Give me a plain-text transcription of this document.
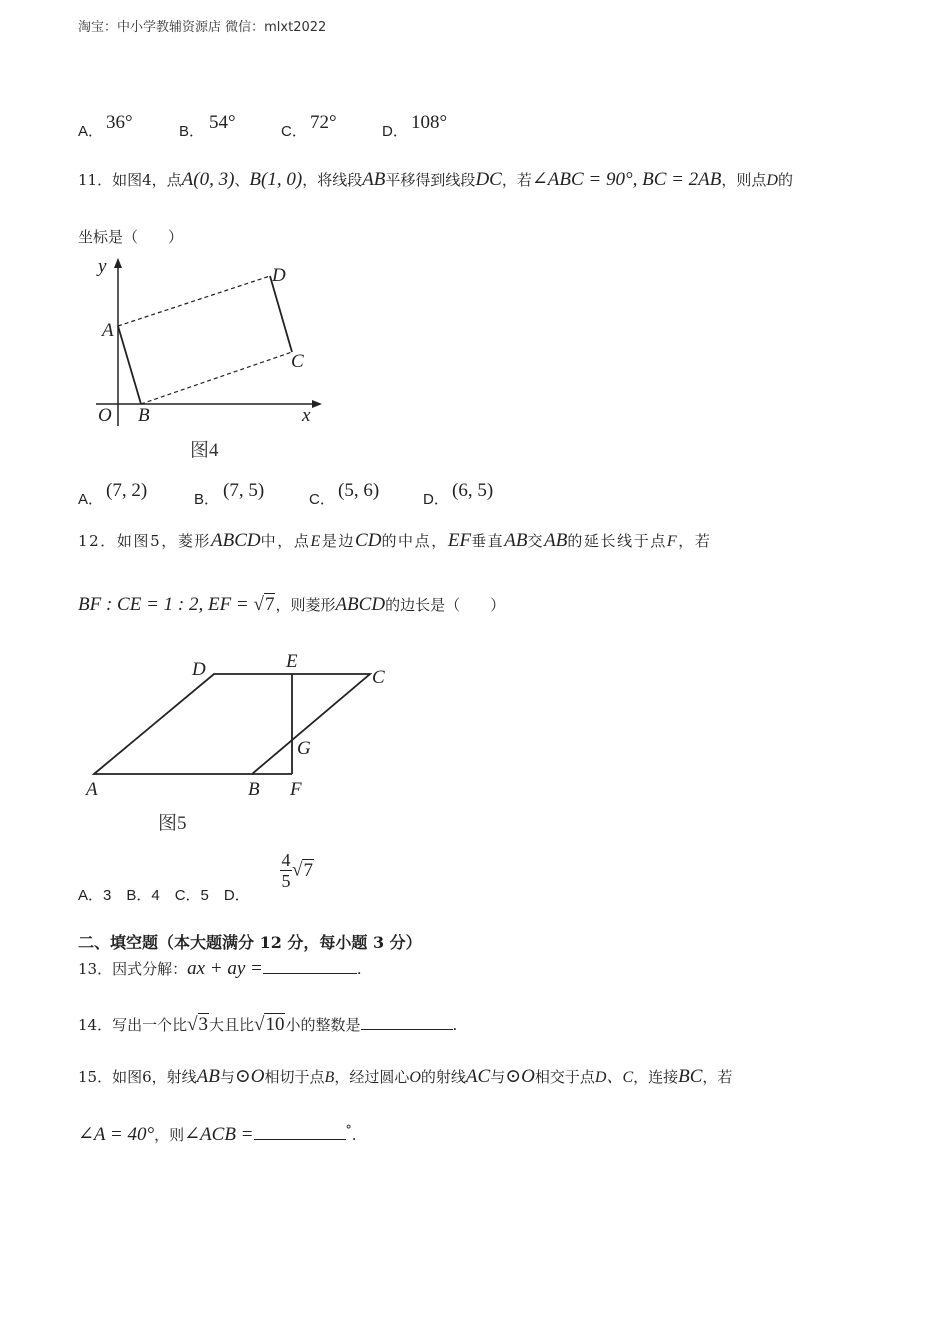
淘宝：中小学教辅资源店 微信：mlxt2022
A． 36°	B． 54°	C． 72°	D． 108°
11．如图4，点A(0, 3)、B(1, 0)，将线段AB平移得到线段DC，若∠ABC = 90°, BC = 2AB，则点D的
坐标是（　　）
y
x
O
A
B
C
D
图4
A． (7, 2)	B． (7, 5)	C． (5, 6)	D． (6, 5)
12．如图5，菱形ABCD中，点E是边CD的中点，EF垂直AB交AB的延长线于点F，若
BF : CE = 1 : 2, EF = √7，则菱形ABCD的边长是（　　）
A	B F
D	E
C
G
图5
A．3　B．4　C．5　D．
$\frac{4}{5} √7$
二、填空题（本大题满分 12 分，每小题 3 分）
13．因式分解：ax + ay =	.
14．写出一个比√3大且比√10小的整数是	.
15．如图6，射线AB与⊙O相切于点B，经过圆心O的射线AC与⊙O相交于点D、C，连接BC，若
∠A = 40°，则∠ACB =	°.
